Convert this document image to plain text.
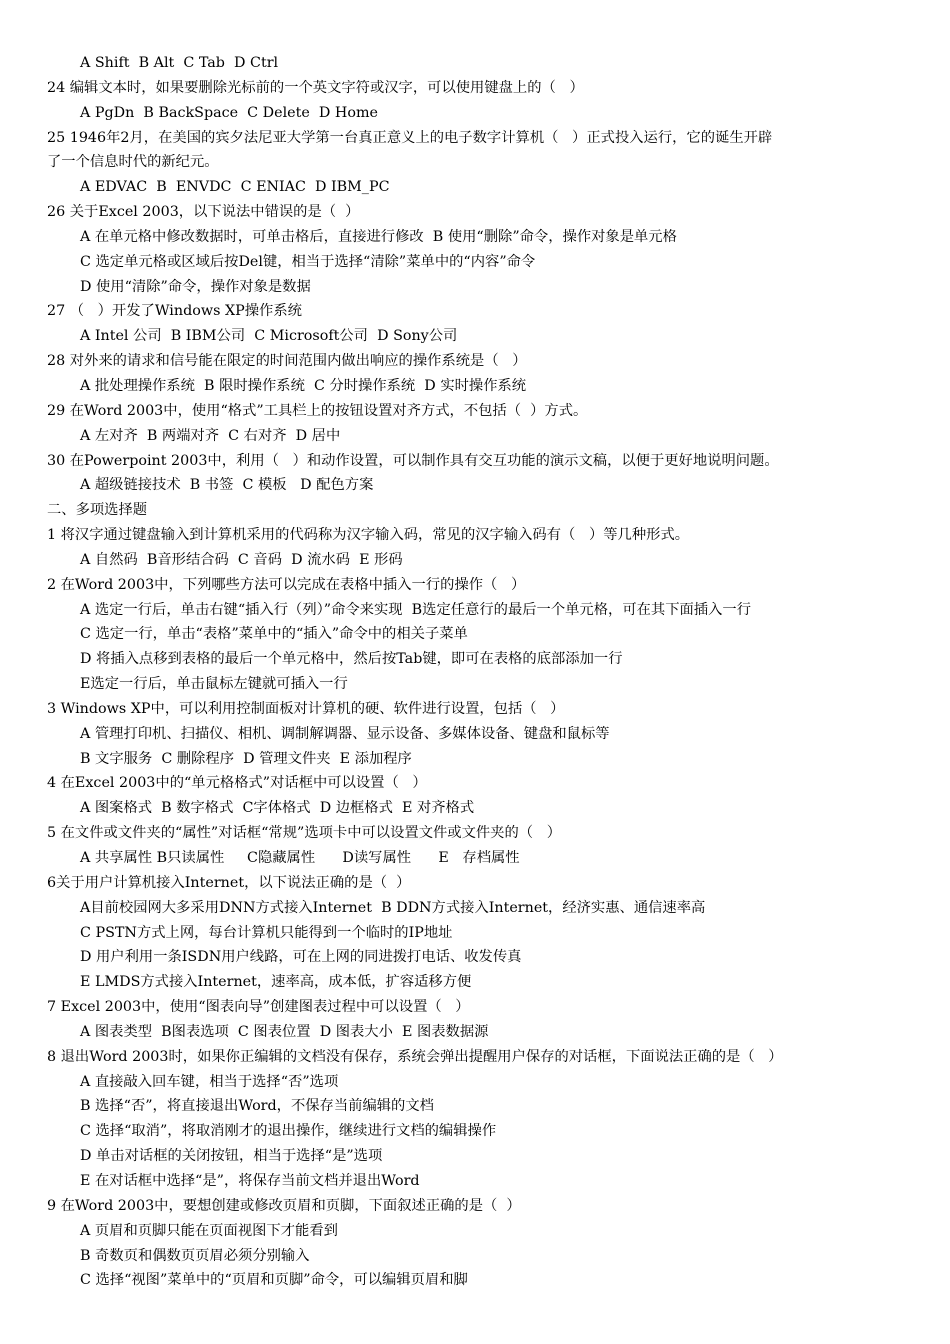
A Shift  B Alt  C Tab  D Ctrl
24 编辑文本时，如果要删除光标前的一个英文字符或汉字，可以使用键盘上的（   ）
A PgDn  B BackSpace  C Delete  D Home
25 1946年2月，在美国的宾夕法尼亚大学第一台真正意义上的电子数字计算机（   ）正式投入运行，它的诞生开辟
了一个信息时代的新纪元。
A EDVAC  B  ENVDC  C ENIAC  D IBM_PC
26 关于Excel 2003，以下说法中错误的是（  ）
A 在单元格中修改数据时，可单击格后，直接进行修改  B 使用“删除”命令，操作对象是单元格
C 选定单元格或区域后按Del键，相当于选择“清除”菜单中的“内容”命令
D 使用“清除”命令，操作对象是数据
27 （   ）开发了Windows XP操作系统
A Intel 公司  B IBM公司  C Microsoft公司  D Sony公司
28 对外来的请求和信号能在限定的时间范围内做出响应的操作系统是（   ）
A 批处理操作系统  B 限时操作系统  C 分时操作系统  D 实时操作系统
29 在Word 2003中，使用“格式”工具栏上的按钮设置对齐方式，不包括（  ）方式。
A 左对齐  B 两端对齐  C 右对齐  D 居中
30 在Powerpoint 2003中，利用（   ）和动作设置，可以制作具有交互功能的演示文稿，以便于更好地说明问题。
A 超级链接技术  B 书签  C 模板   D 配色方案
二、多项选择题
1 将汉字通过键盘输入到计算机采用的代码称为汉字输入码，常见的汉字输入码有（   ）等几种形式。
A 自然码  B音形结合码  C 音码  D 流水码  E 形码
2 在Word 2003中，下列哪些方法可以完成在表格中插入一行的操作（   ）
A 选定一行后，单击右键“插入行（列）”命令来实现  B选定任意行的最后一个单元格，可在其下面插入一行
C 选定一行，单击“表格”菜单中的“插入”命令中的相关子菜单
D 将插入点移到表格的最后一个单元格中，然后按Tab键，即可在表格的底部添加一行
E选定一行后，单击鼠标左键就可插入一行
3 Windows XP中，可以利用控制面板对计算机的硬、软件进行设置，包括（   ）
A 管理打印机、扫描仪、相机、调制解调器、显示设备、多媒体设备、键盘和鼠标等
B 文字服务  C 删除程序  D 管理文件夹  E 添加程序
4 在Excel 2003中的“单元格格式”对话框中可以设置（   ）
A 图案格式  B 数字格式  C字体格式  D 边框格式  E 对齐格式
5 在文件或文件夹的“属性”对话框“常规”选项卡中可以设置文件或文件夹的（   ）
A 共享属性 B只读属性     C隐藏属性      D读写属性      E   存档属性
6关于用户计算机接入Internet，以下说法正确的是（  ）
A目前校园网大多采用DNN方式接入Internet  B DDN方式接入Internet，经济实惠、通信速率高
C PSTN方式上网，每台计算机只能得到一个临时的IP地址
D 用户利用一条ISDN用户线路，可在上网的同进拨打电话、收发传真
E LMDS方式接入Internet，速率高，成本低，扩容适移方便
7 Excel 2003中，使用“图表向导”创建图表过程中可以设置（   ）
A 图表类型  B图表选项  C 图表位置  D 图表大小  E 图表数据源
8 退出Word 2003时，如果你正编辑的文档没有保存，系统会弹出提醒用户保存的对话框，下面说法正确的是（   ）
A 直接敲入回车键，相当于选择“否”选项
B 选择“否”，将直接退出Word，不保存当前编辑的文档
C 选择“取消”，将取消刚才的退出操作，继续进行文档的编辑操作
D 单击对话框的关闭按钮，相当于选择“是”选项
E 在对话框中选择“是”，将保存当前文档并退出Word
9 在Word 2003中，要想创建或修改页眉和页脚，下面叙述正确的是（  ）
A 页眉和页脚只能在页面视图下才能看到
B 奇数页和偶数页页眉必须分别输入
C 选择“视图”菜单中的“页眉和页脚”命令，可以编辑页眉和脚
